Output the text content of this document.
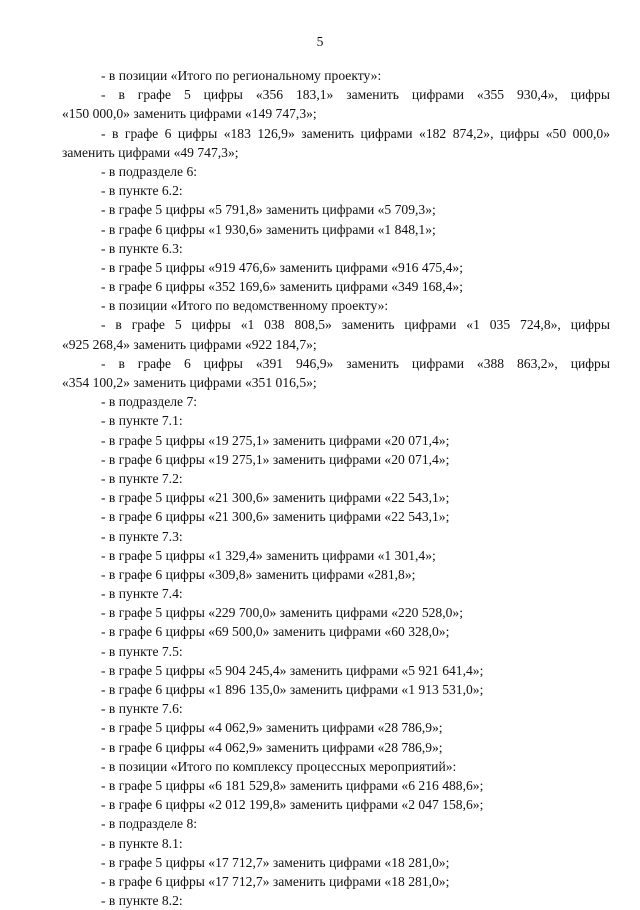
5
- в позиции «Итого по региональному проекту»:
- в графе 5 цифры «356 183,1» заменить цифрами «355 930,4», цифры
«150 000,0» заменить цифрами «149 747,3»;
- в графе 6 цифры «183 126,9» заменить цифрами «182 874,2», цифры «50 000,0»
заменить цифрами «49 747,3»;
- в подразделе 6:
- в пункте 6.2:
- в графе 5 цифры «5 791,8» заменить цифрами «5 709,3»;
- в графе 6 цифры «1 930,6» заменить цифрами «1 848,1»;
- в пункте 6.3:
- в графе 5 цифры «919 476,6» заменить цифрами «916 475,4»;
- в графе 6 цифры «352 169,6» заменить цифрами «349 168,4»;
- в позиции «Итого по ведомственному проекту»:
- в графе 5 цифры «1 038 808,5» заменить цифрами «1 035 724,8», цифры
«925 268,4» заменить цифрами «922 184,7»;
- в графе 6 цифры «391 946,9» заменить цифрами «388 863,2», цифры
«354 100,2» заменить цифрами «351 016,5»;
- в подразделе 7:
- в пункте 7.1:
- в графе 5 цифры «19 275,1» заменить цифрами «20 071,4»;
- в графе 6 цифры «19 275,1» заменить цифрами «20 071,4»;
- в пункте 7.2:
- в графе 5 цифры «21 300,6» заменить цифрами «22 543,1»;
- в графе 6 цифры «21 300,6» заменить цифрами «22 543,1»;
- в пункте 7.3:
- в графе 5 цифры «1 329,4» заменить цифрами «1 301,4»;
- в графе 6 цифры «309,8» заменить цифрами «281,8»;
- в пункте 7.4:
- в графе 5 цифры «229 700,0» заменить цифрами «220 528,0»;
- в графе 6 цифры «69 500,0» заменить цифрами «60 328,0»;
- в пункте 7.5:
- в графе 5 цифры «5 904 245,4» заменить цифрами «5 921 641,4»;
- в графе 6 цифры «1 896 135,0» заменить цифрами «1 913 531,0»;
- в пункте 7.6:
- в графе 5 цифры «4 062,9» заменить цифрами «28 786,9»;
- в графе 6 цифры «4 062,9» заменить цифрами «28 786,9»;
- в позиции «Итого по комплексу процессных мероприятий»:
- в графе 5 цифры «6 181 529,8» заменить цифрами «6 216 488,6»;
- в графе 6 цифры «2 012 199,8» заменить цифрами «2 047 158,6»;
- в подразделе 8:
- в пункте 8.1:
- в графе 5 цифры «17 712,7» заменить цифрами «18 281,0»;
- в графе 6 цифры «17 712,7» заменить цифрами «18 281,0»;
- в пункте 8.2:
